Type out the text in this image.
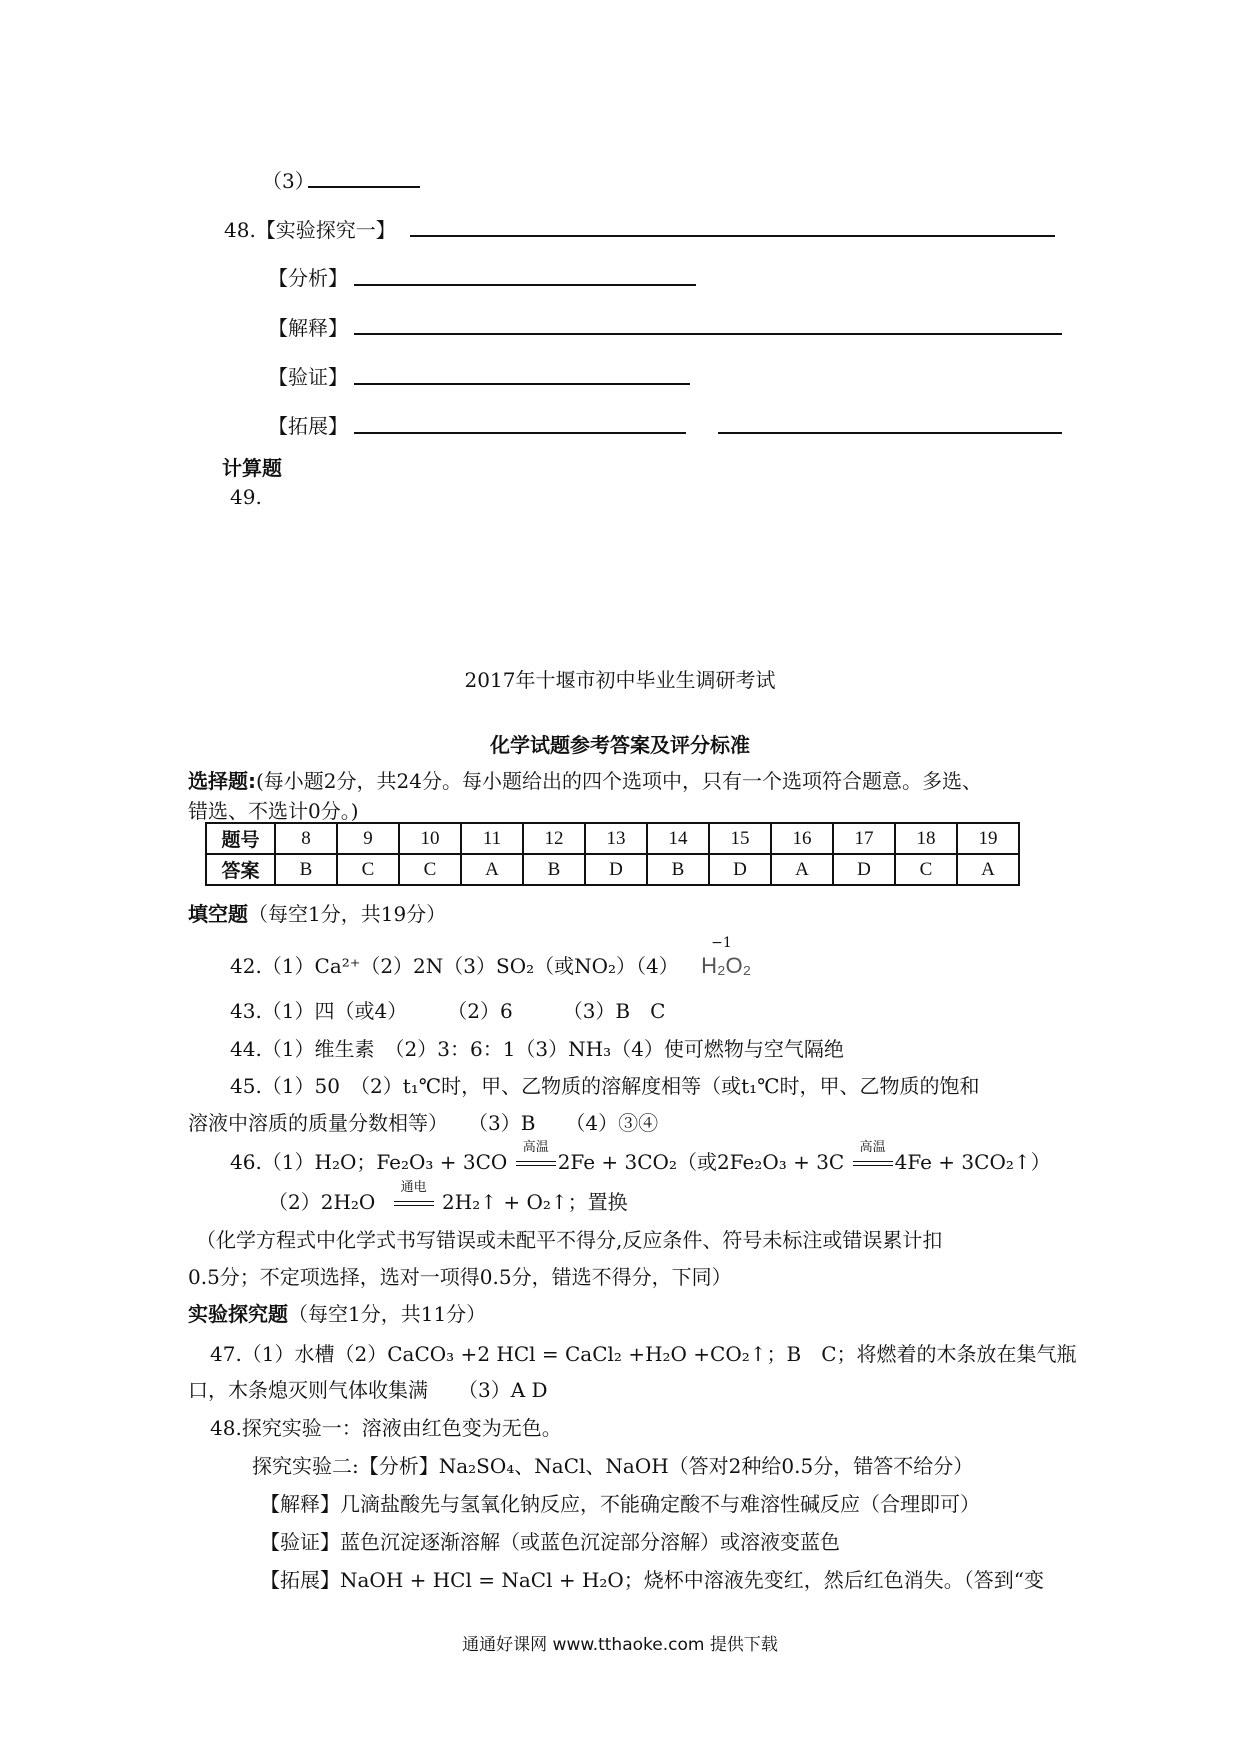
（3）
48.【实验探究一】
【分析】
【解释】
【验证】
【拓展】
计算题
49.
2017年十堰市初中毕业生调研考试
化学试题参考答案及评分标准
选择题:(每小题2分，共24分。每小题给出的四个选项中，只有一个选项符合题意。多选、
错选、不选计0分。)
题号	8	9	10	11	12	13	14	15	16	17	18	19
答案	B	C	C	A	B	D	B	D	A	D	C	A
填空题（每空1分，共19分）
42.（1）Ca²⁺（2）2N（3）SO₂（或NO₂）（4）
−1
H₂O₂
43.（1）四（或4）　　　（2）6　　　（3）B　C
44.（1）维生素　（2）3：6：1（3）NH₃（4）使可燃物与空气隔绝
45.（1）50　（2）t₁℃时，甲、乙物质的溶解度相等（或t₁℃时，甲、乙物质的饱和
溶液中溶质的质量分数相等）　　（3）B　　（4）③④
46.（1）H₂O；Fe₂O₃ + 3CO
高温
2Fe + 3CO₂（或2Fe₂O₃ + 3C
高温
4Fe + 3CO₂↑）
（2）2H₂O
通电
2H₂↑ + O₂↑；置换
（化学方程式中化学式书写错误或未配平不得分,反应条件、符号未标注或错误累计扣
0.5分；不定项选择，选对一项得0.5分，错选不得分，下同）
实验探究题（每空1分，共11分）
47.（1）水槽（2）CaCO₃ +2 HCl = CaCl₂ +H₂O +CO₂↑；B　C；将燃着的木条放在集气瓶
口，木条熄灭则气体收集满　　（3）A D
48.探究实验一：溶液由红色变为无色。
探究实验二:【分析】Na₂SO₄、NaCl、NaOH（答对2种给0.5分，错答不给分）
【解释】几滴盐酸先与氢氧化钠反应，不能确定酸不与难溶性碱反应（合理即可）
【验证】蓝色沉淀逐渐溶解（或蓝色沉淀部分溶解）或溶液变蓝色
【拓展】NaOH + HCl = NaCl + H₂O；烧杯中溶液先变红，然后红色消失。（答到“变
通通好课网 www.tthaoke.com 提供下载
